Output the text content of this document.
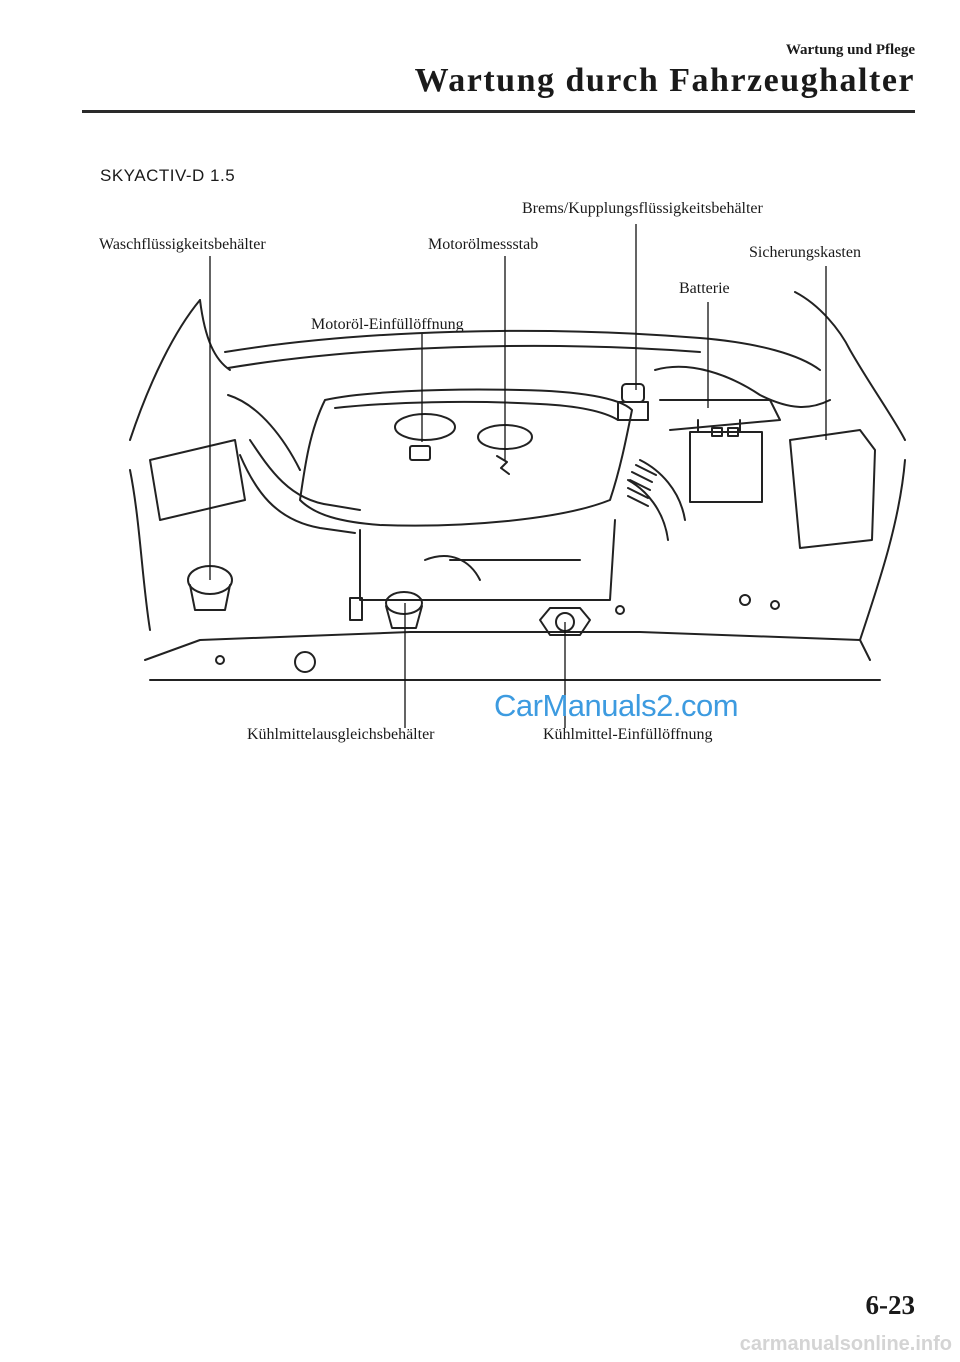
Wartung und Pflege
Wartung durch Fahrzeughalter
SKYACTIV-D 1.5
Brems/Kupplungsflüssigkeitsbehälter
Waschflüssigkeitsbehälter	Motorölmessstab	Sicherungskasten
Batterie
Motoröl-Einfüllöffnung
Kühlmittelausgleichsbehälter	Kühlmittel-Einfüllöffnung
CarManuals2.com
6-23
carmanualsonline.info
